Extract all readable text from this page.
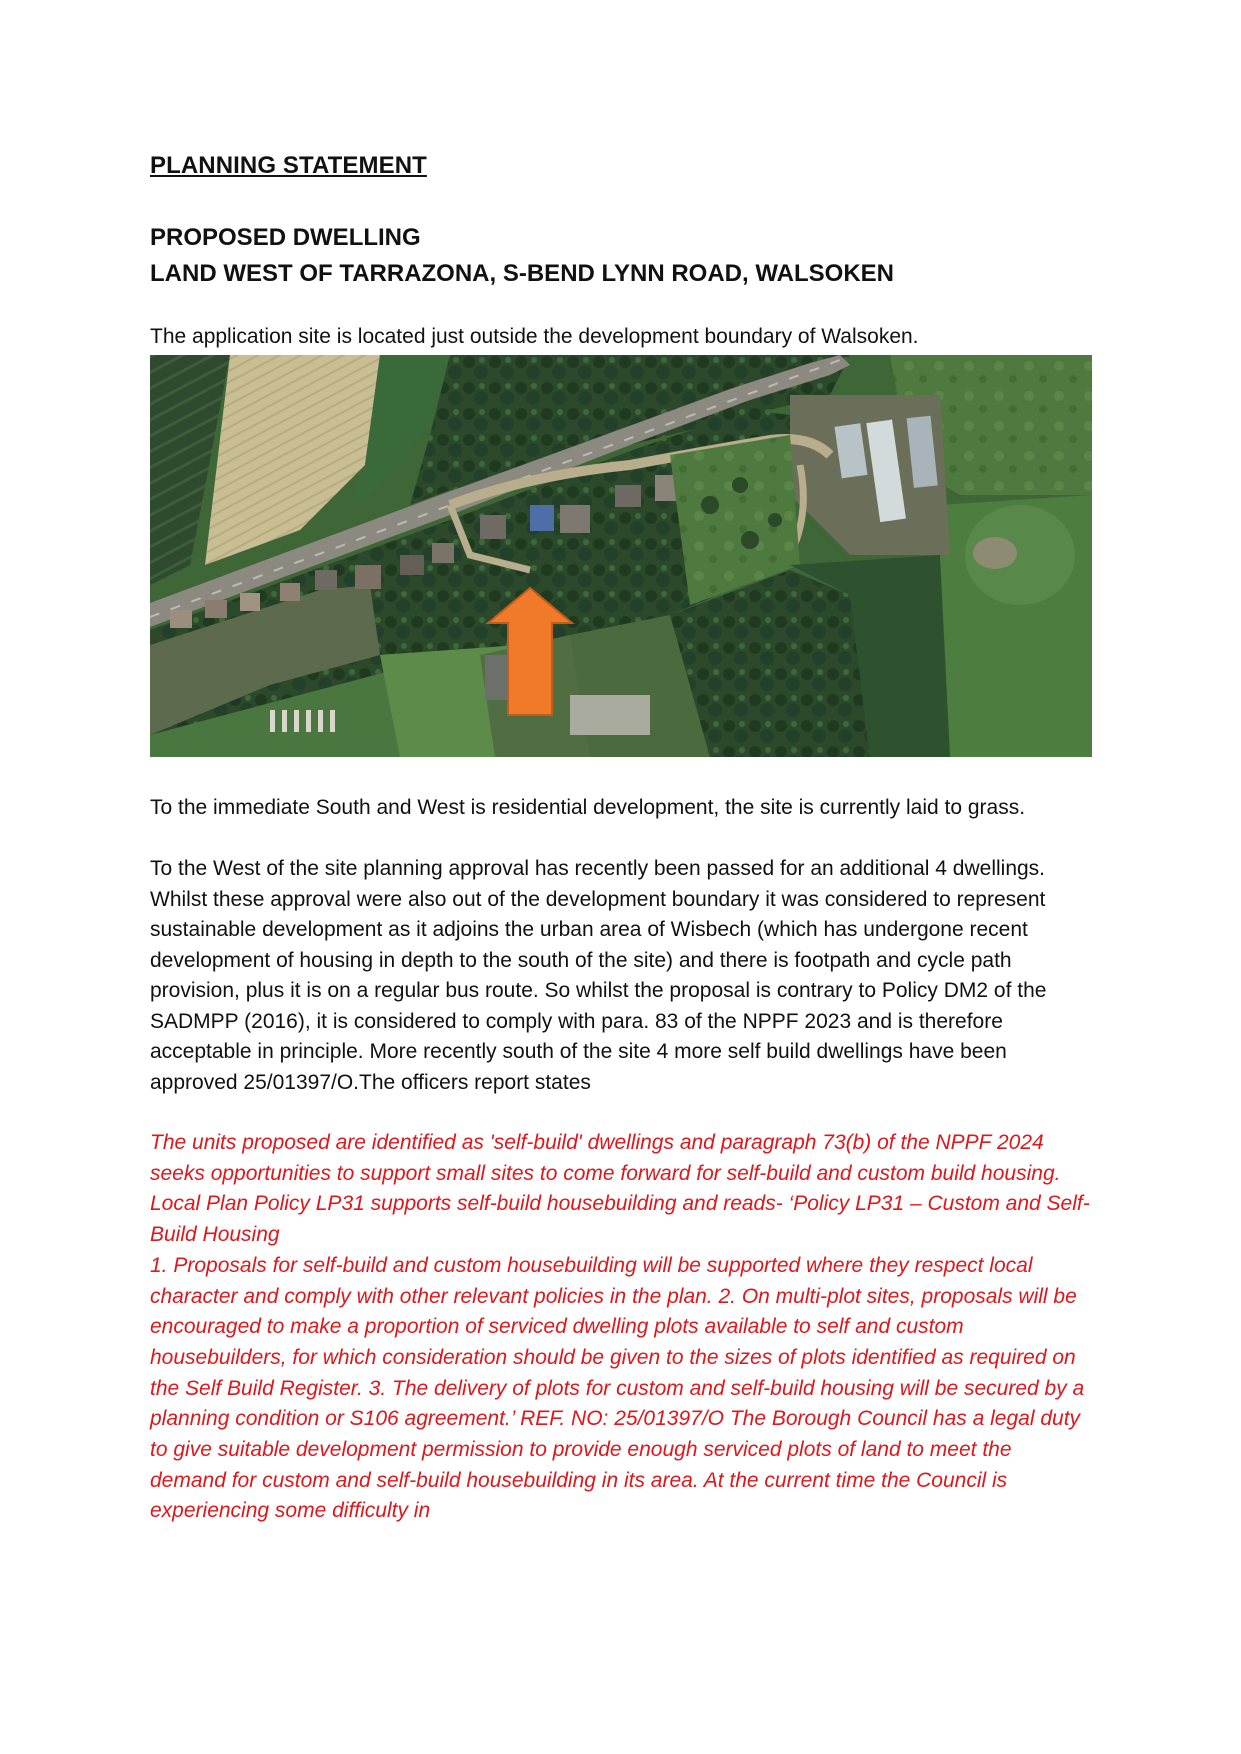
PLANNING STATEMENT
PROPOSED DWELLING
LAND WEST OF TARRAZONA, S-BEND LYNN ROAD, WALSOKEN

The application site is located just outside the development boundary of Walsoken.

To the immediate South and West is residential development, the site is currently laid to grass.

To the West of the site planning approval has recently been passed for an additional 4 dwellings. Whilst these approval were also out of the development boundary it was considered to represent sustainable development as it adjoins the urban area of Wisbech (which has undergone recent development of housing in depth to the south of the site) and there is footpath and cycle path provision, plus it is on a regular bus route. So whilst the proposal is contrary to Policy DM2 of the SADMPP (2016), it is considered to comply with para. 83 of the NPPF 2023 and is therefore acceptable in principle. More recently south of the site 4 more self build dwellings have been approved 25/01397/O.The officers report states

The units proposed are identified as 'self-build' dwellings and paragraph 73(b) of the NPPF 2024 seeks opportunities to support small sites to come forward for self-build and custom build housing. Local Plan Policy LP31 supports self-build housebuilding and reads- ‘Policy LP31 – Custom and Self-Build Housing
1. Proposals for self-build and custom housebuilding will be supported where they respect local character and comply with other relevant policies in the plan. 2. On multi-plot sites, proposals will be encouraged to make a proportion of serviced dwelling plots available to self and custom housebuilders, for which consideration should be given to the sizes of plots identified as required on the Self Build Register. 3. The delivery of plots for custom and self-build housing will be secured by a planning condition or S106 agreement.’ REF. NO: 25/01397/O The Borough Council has a legal duty to give suitable development permission to provide enough serviced plots of land to meet the demand for custom and self-build housebuilding in its area. At the current time the Council is experiencing some difficulty in
